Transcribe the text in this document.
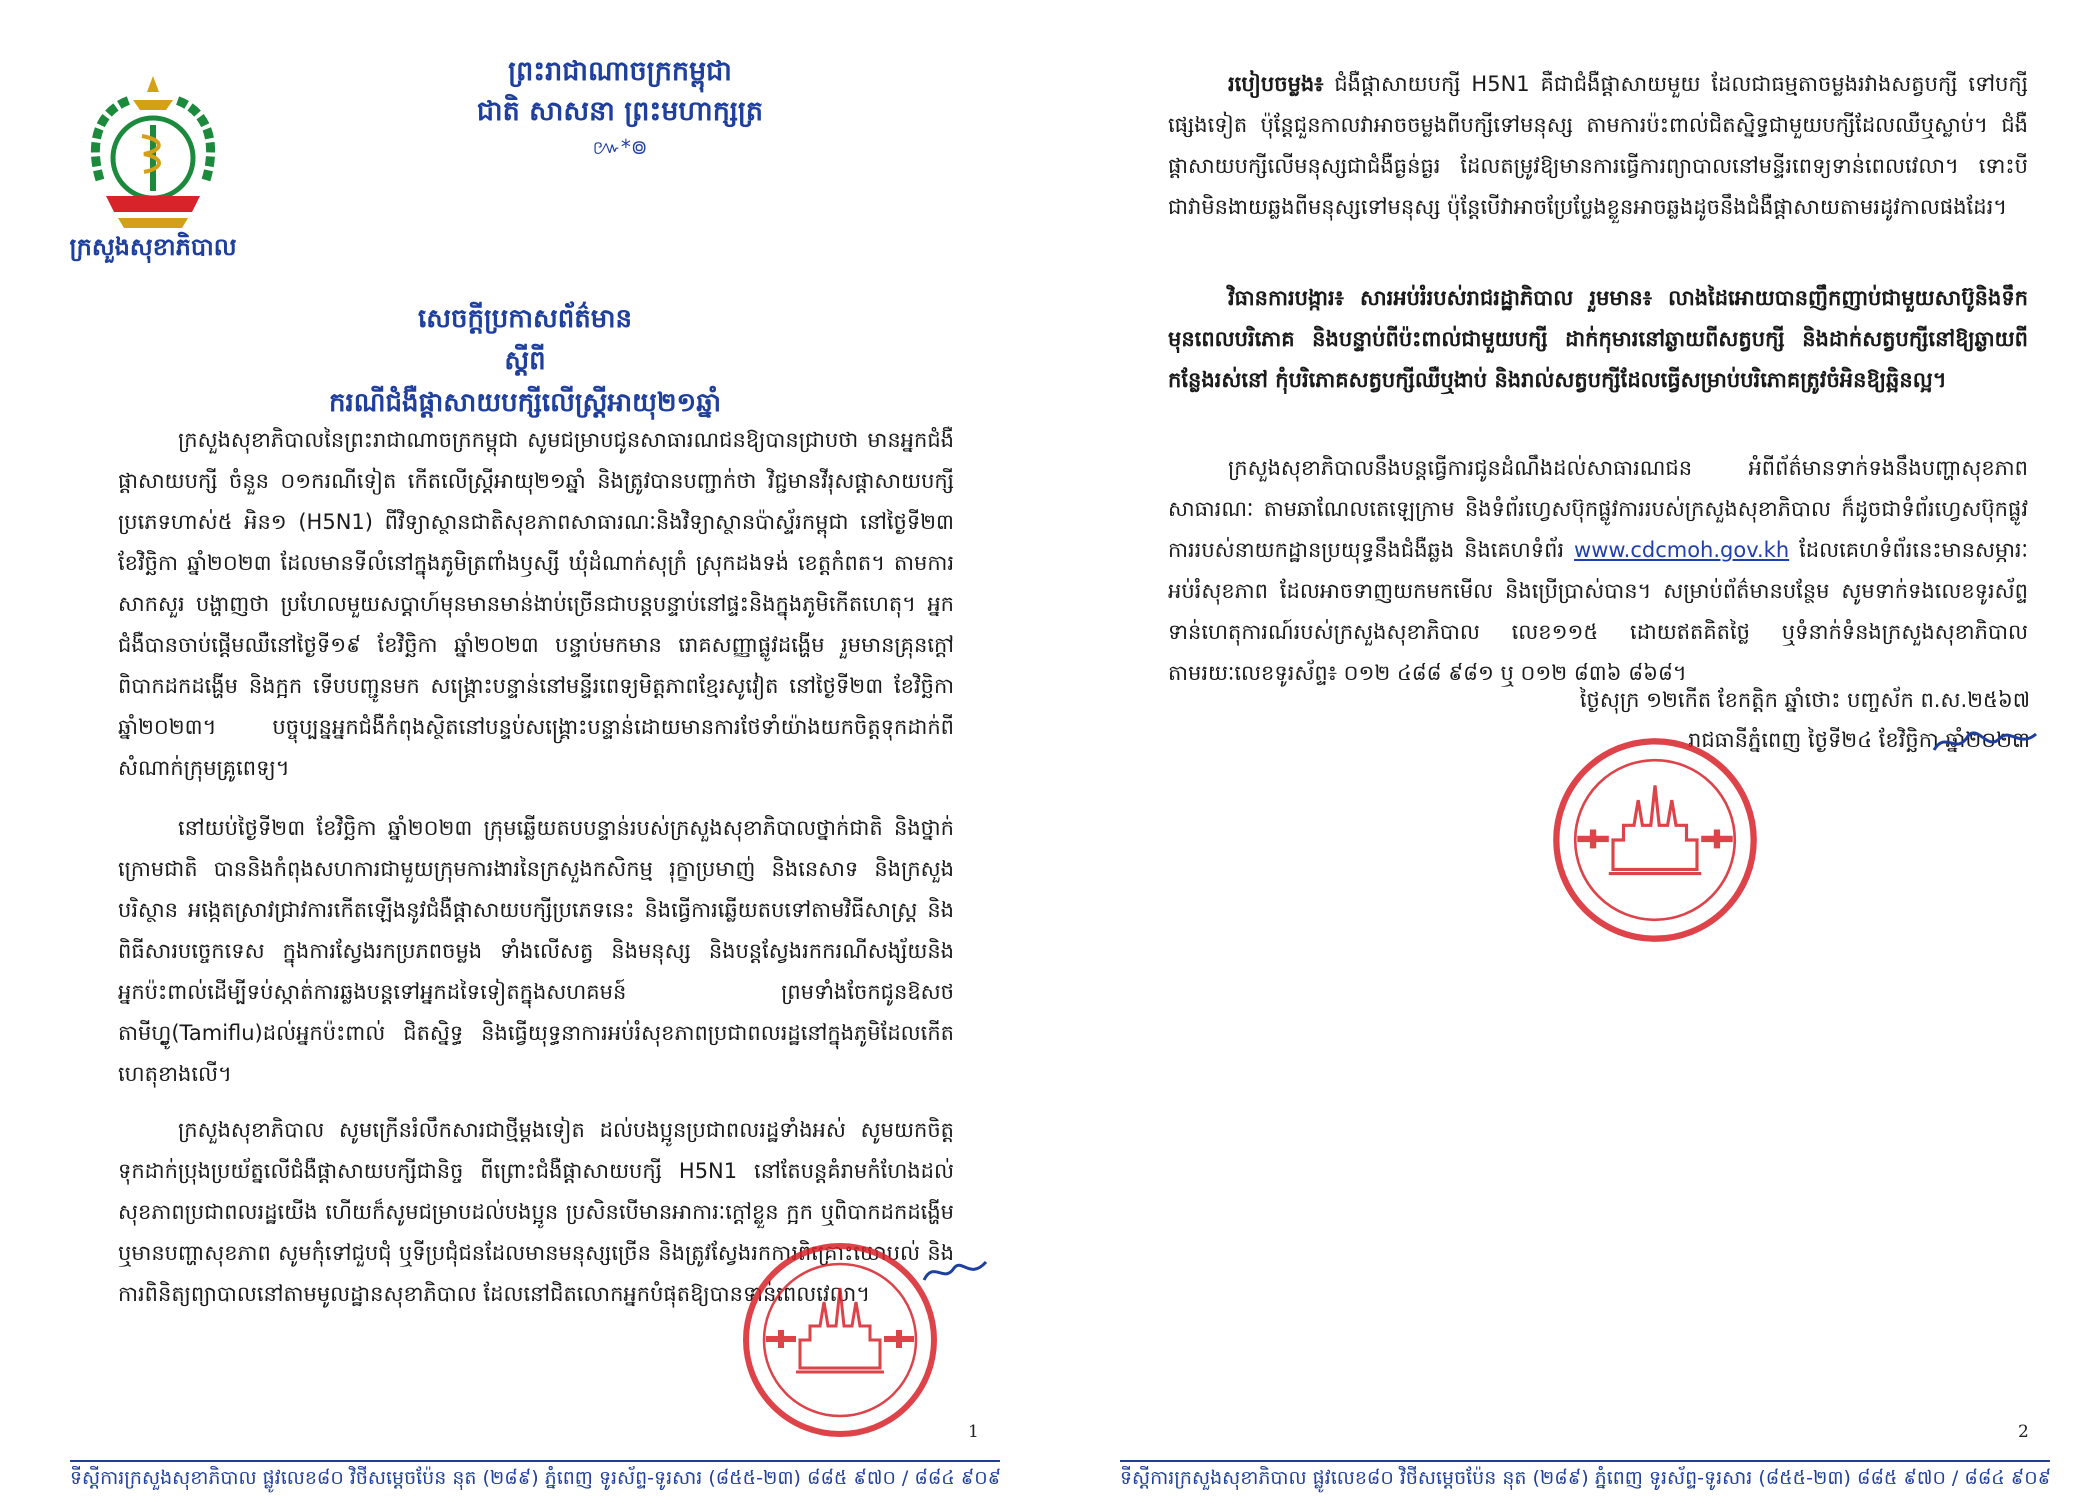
ក្រសួងសុខាភិបាល
ព្រះរាជាណាចក្រកម្ពុជា
ជាតិ សាសនា ព្រះមហាក្សត្រ
៚*៙
សេចក្ដីប្រកាសព័ត៌មាន
ស្ដីពី
ករណីជំងឺផ្ដាសាយបក្សីលើស្ត្រីអាយុ២១ឆ្នាំ
ក្រសួងសុខាភិបាលនៃព្រះរាជាណាចក្រកម្ពុជា សូមជម្រាបជូនសាធារណជនឱ្យបានជ្រាបថា មានអ្នកជំងឺផ្ដាសាយបក្សី ចំនួន ០១ករណីទៀត កើតលើស្ត្រីអាយុ២១ឆ្នាំ និងត្រូវបានបញ្ជាក់ថា វិជ្ជមានវីរុសផ្ដាសាយបក្សី ប្រភេទហាស់៥ អិន១ (H5N1) ពីវិទ្យាស្ថានជាតិសុខភាពសាធារណៈនិងវិទ្យាស្ថានប៉ាស្ទ័រកម្ពុជា នៅថ្ងៃទី២៣ ខែវិច្ឆិកា ឆ្នាំ២០២៣ ដែលមានទីលំនៅក្នុងភូមិត្រពាំងឫស្សី ឃុំដំណាក់សុក្រំ ស្រុកដងទង់ ខេត្តកំពត។ តាមការសាកសួរ បង្ហាញថា ប្រហែលមួយសប្ដាហ៍មុនមានមាន់ងាប់ច្រើនជាបន្តបន្ទាប់នៅផ្ទះនិងក្នុងភូមិកើតហេតុ។ អ្នកជំងឺបានចាប់ផ្ដើមឈឺនៅថ្ងៃទី១៩ ខែវិច្ឆិកា ឆ្នាំ២០២៣ បន្ទាប់មកមាន រោគសញ្ញាផ្លូវដង្ហើម រួមមានគ្រុនក្ដៅ ពិបាកដកដង្ហើម និងក្អក ទើបបញ្ជូនមក សង្គ្រោះបន្ទាន់នៅមន្ទីរពេទ្យមិត្តភាពខ្មែរសូវៀត នៅថ្ងៃទី២៣ ខែវិច្ឆិកា ឆ្នាំ២០២៣។ បច្ចុប្បន្នអ្នកជំងឺកំពុងស្ថិតនៅបន្ទប់សង្គ្រោះបន្ទាន់ដោយមានការថែទាំយ៉ាងយកចិត្តទុកដាក់ពីសំណាក់ក្រុមគ្រូពេទ្យ។
នៅយប់ថ្ងៃទី២៣ ខែវិច្ឆិកា ឆ្នាំ២០២៣ ក្រុមឆ្លើយតបបន្ទាន់របស់ក្រសួងសុខាភិបាលថ្នាក់ជាតិ និងថ្នាក់ក្រោមជាតិ បាននិងកំពុងសហការជាមួយក្រុមការងារនៃក្រសួងកសិកម្ម រុក្ខាប្រមាញ់ និងនេសាទ និងក្រសួងបរិស្ថាន អង្កេតស្រាវជ្រាវការកើតឡើងនូវជំងឺផ្ដាសាយបក្សីប្រភេទនេះ និងធ្វើការឆ្លើយតបទៅតាមវិធីសាស្ត្រ និងពិធីសារបច្ចេកទេស ក្នុងការស្វែងរកប្រភពចម្លង ទាំងលើសត្វ និងមនុស្ស និងបន្តស្វែងរកករណីសង្ស័យនិងអ្នកប៉ះពាល់ដើម្បីទប់ស្កាត់ការឆ្លងបន្តទៅអ្នកដទៃទៀតក្នុងសហគមន៍ ព្រមទាំងចែកជូនឱសថតាមីហ្វ្លូ(Tamiflu)ដល់អ្នកប៉ះពាល់ ជិតស្និទ្ធ និងធ្វើយុទ្ធនាការអប់រំសុខភាពប្រជាពលរដ្ឋនៅក្នុងភូមិដែលកើតហេតុខាងលើ។
ក្រសួងសុខាភិបាល សូមក្រើនរំលឹកសារជាថ្មីម្ដងទៀត ដល់បងប្អូនប្រជាពលរដ្ឋទាំងអស់ សូមយកចិត្តទុកដាក់ប្រុងប្រយ័ត្នលើជំងឺផ្ដាសាយបក្សីជានិច្ច ពីព្រោះជំងឺផ្ដាសាយបក្សី H5N1 នៅតែបន្តគំរាមកំហែងដល់សុខភាពប្រជាពលរដ្ឋយើង ហើយក៏សូមជម្រាបដល់បងប្អូន ប្រសិនបើមានអាការៈក្ដៅខ្លួន ក្អក ឬពិបាកដកដង្ហើម ឬមានបញ្ហាសុខភាព សូមកុំទៅជួបជុំ ឬទីប្រជុំជនដែលមានមនុស្សច្រើន និងត្រូវស្វែងរកការពិគ្រោះយោបល់ និងការពិនិត្យព្យាបាលនៅតាមមូលដ្ឋានសុខាភិបាល ដែលនៅជិតលោកអ្នកបំផុតឱ្យបានទាន់ពេលវេលា។
1
ទីស្ដីការក្រសួងសុខាភិបាល ផ្លូវលេខ៨០ វិថីសម្ដេចប៉ែន នុត (២៨៩) ភ្នំពេញ ទូរស័ព្ទ-ទូរសារ (៨៥៥-២៣) ៨៨៥ ៩៧០ / ៨៨៤ ៩០៩
របៀបចម្លង៖ ជំងឺផ្ដាសាយបក្សី H5N1 គឺជាជំងឺផ្ដាសាយមួយ ដែលជាធម្មតាចម្លងរវាងសត្វបក្សី ទៅបក្សីផ្សេងទៀត ប៉ុន្តែជួនកាលវាអាចចម្លងពីបក្សីទៅមនុស្ស តាមការប៉ះពាល់ជិតស្និទ្ធជាមួយបក្សីដែលឈឺឬស្លាប់។ ជំងឺផ្ដាសាយបក្សីលើមនុស្សជាជំងឺធ្ងន់ធ្ងរ ដែលតម្រូវឱ្យមានការធ្វើការព្យាបាលនៅមន្ទីរពេទ្យទាន់ពេលវេលា។ ទោះបីជាវាមិនងាយឆ្លងពីមនុស្សទៅមនុស្ស ប៉ុន្តែបើវាអាចប្រែប្លែងខ្លួនអាចឆ្លងដូចនឹងជំងឺផ្ដាសាយតាមរដូវកាលផងដែរ។
វិធានការបង្ការ៖ សារអប់រំរបស់រាជរដ្ឋាភិបាល រួមមាន៖ លាងដៃអោយបានញឹកញាប់ជាមួយសាប៊ូនិងទឹកមុនពេលបរិភោគ និងបន្ទាប់ពីប៉ះពាល់ជាមួយបក្សី ដាក់កុមារនៅឆ្ងាយពីសត្វបក្សី និងដាក់សត្វបក្សីនៅឱ្យឆ្ងាយពីកន្លែងរស់នៅ កុំបរិភោគសត្វបក្សីឈឺឬងាប់ និងរាល់សត្វបក្សីដែលធ្វើសម្រាប់បរិភោគត្រូវចំអិនឱ្យឆ្អិនល្អ។
ក្រសួងសុខាភិបាលនឹងបន្តធ្វើការជូនដំណឹងដល់សាធារណជន អំពីព័ត៌មានទាក់ទងនឹងបញ្ហាសុខភាពសាធារណៈ តាមឆាណែលតេឡេក្រាម និងទំព័រហ្វេសប៊ុកផ្លូវការរបស់ក្រសួងសុខាភិបាល ក៏ដូចជាទំព័រហ្វេសប៊ុកផ្លូវការរបស់នាយកដ្ឋានប្រយុទ្ធនឹងជំងឺឆ្លង និងគេហទំព័រ www.cdcmoh.gov.kh ដែលគេហទំព័រនេះមានសម្ភារៈអប់រំសុខភាព ដែលអាចទាញយកមកមើល និងប្រើប្រាស់បាន។ សម្រាប់ព័ត៌មានបន្ថែម សូមទាក់ទងលេខទូរស័ព្ទទាន់ហេតុការណ៍របស់ក្រសួងសុខាភិបាល លេខ១១៥ ដោយឥតគិតថ្លៃ ឬទំនាក់ទំនងក្រសួងសុខាភិបាល តាមរយៈលេខទូរស័ព្ទ៖ ០១២ ៤៨៨ ៩៨១ ឬ ០១២ ៨៣៦ ៨៦៨។
ថ្ងៃសុក្រ ១២កើត ខែកត្តិក ឆ្នាំថោះ បញ្ចស័ក ព.ស.២៥៦៧
រាជធានីភ្នំពេញ ថ្ងៃទី២៤ ខែវិច្ឆិកា ឆ្នាំ២០២៣
2
ទីស្ដីការក្រសួងសុខាភិបាល ផ្លូវលេខ៨០ វិថីសម្ដេចប៉ែន នុត (២៨៩) ភ្នំពេញ ទូរស័ព្ទ-ទូរសារ (៨៥៥-២៣) ៨៨៥ ៩៧០ / ៨៨៤ ៩០៩
